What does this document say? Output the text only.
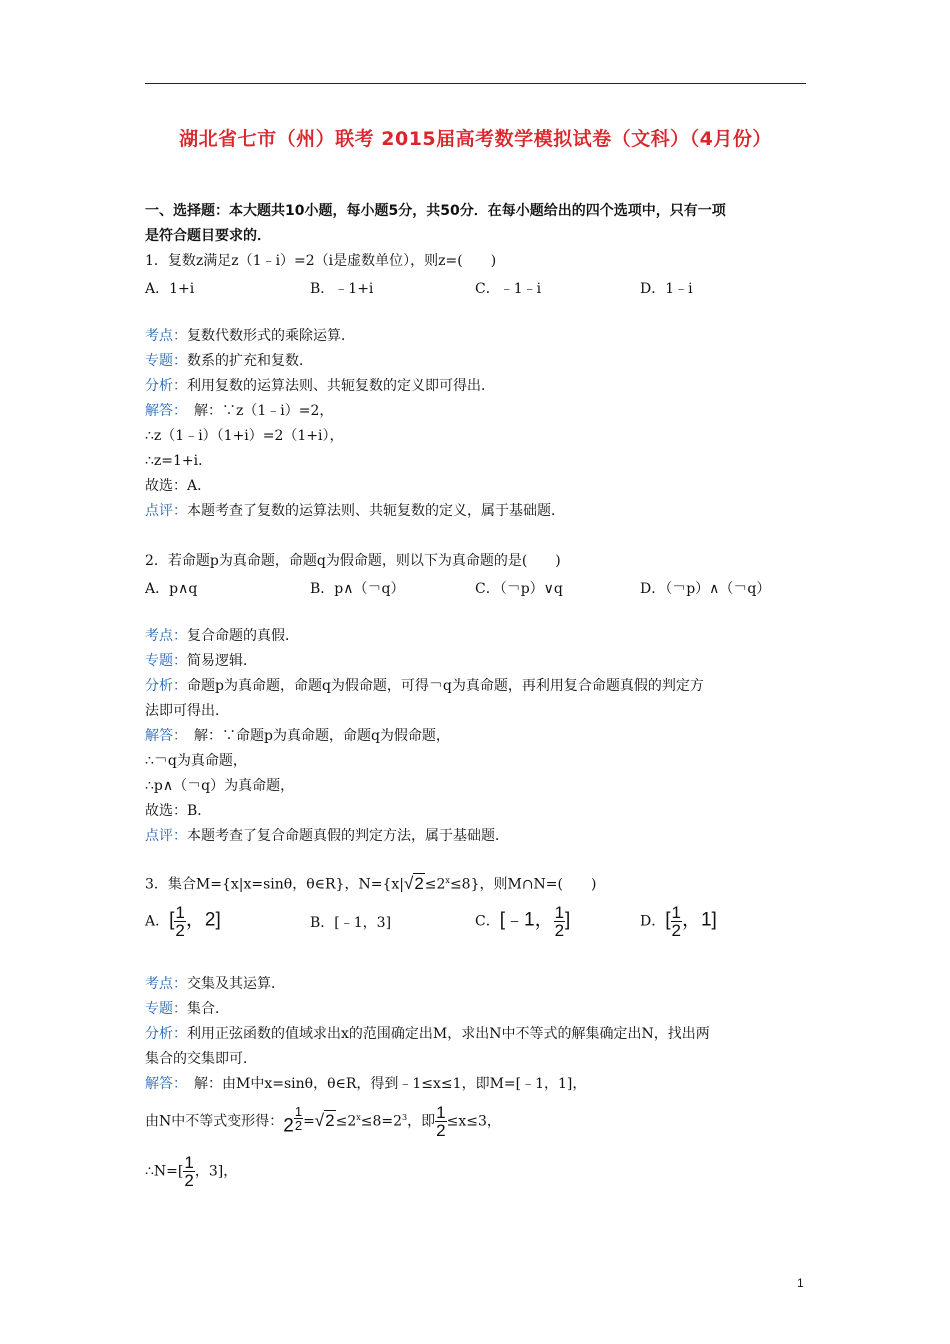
湖北省七市（州）联考 2015届高考数学模拟试卷（文科）（4月份）
一、选择题：本大题共10小题，每小题5分，共50分．在每小题给出的四个选项中，只有一项
是符合题目要求的．
1．复数z满足z（1﹣i）=2（i是虚数单位），则z=(　　)
A．1+i	B．﹣1+i	C．﹣1﹣i	D．1﹣i
考点：复数代数形式的乘除运算．
专题：数系的扩充和复数．
分析：利用复数的运算法则、共轭复数的定义即可得出．
解答：　解：∵z（1﹣i）=2，
∴z（1﹣i）（1+i）=2（1+i），
∴z=1+i．
故选：A．
点评：本题考查了复数的运算法则、共轭复数的定义，属于基础题．
2．若命题p为真命题，命题q为假命题，则以下为真命题的是(　　)
A．p∧q	B．p∧（￢q）	C．（￢p）∨q	D．（￢p）∧（￢q）
考点：复合命题的真假．
专题：简易逻辑．
分析：命题p为真命题，命题q为假命题，可得￢q为真命题，再利用复合命题真假的判定方
法即可得出．
解答：　解：∵命题p为真命题，命题q为假命题，
∴￢q为真命题，
∴p∧（￢q）为真命题，
故选：B．
点评：本题考查了复合命题真假的判定方法，属于基础题．
3．集合M={x|x=sinθ，θ∈R}，$N=\{x|√2\le 2^x\le 8\}$，则M∩N=(　　)
A．[ $\frac{1}{2}$ ，2]	B．[﹣1，3]	C．[﹣1， $\frac{1}{2}$ ]	D．[ $\frac{1}{2}$ ，1]
考点：交集及其运算．
专题：集合．
分析：利用正弦函数的值域求出x的范围确定出M，求出N中不等式的解集确定出N，找出两
集合的交集即可．
解答：　解：由M中x=sinθ，θ∈R，得到﹣1≤x≤1，即M=[﹣1，1]，
由N中不等式变形得：$2 \frac{1}{2} =√2\le 2^x\le 8=2^3$，即 $\frac{1}{2} \le x\le 3$，
∴N=[ $\frac{1}{2}$ ，3]，
1
